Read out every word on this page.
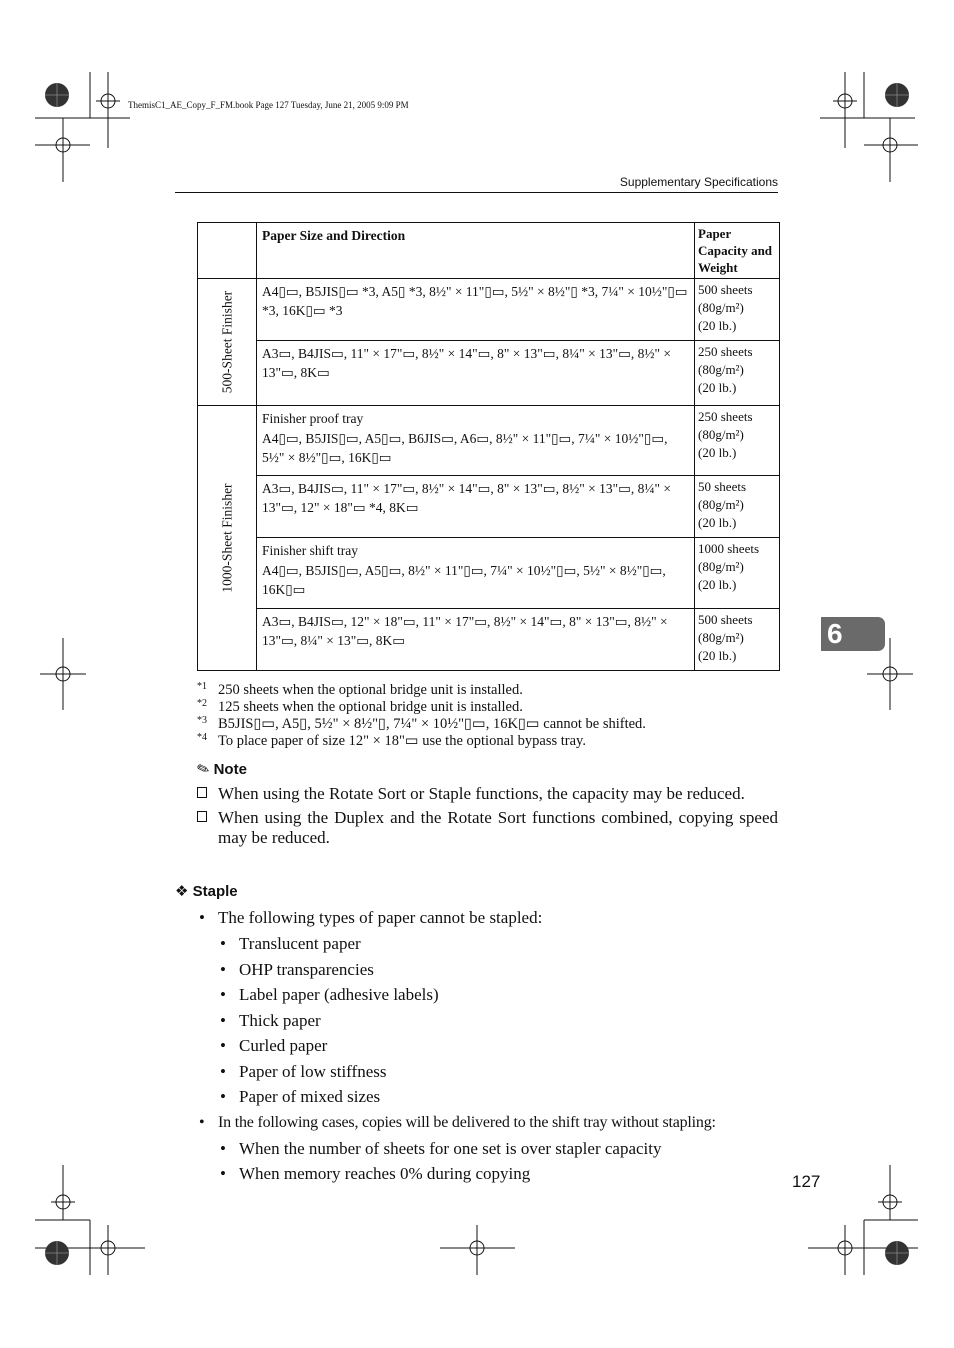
ThemisC1_AE_Copy_F_FM.book Page 127 Tuesday, June 21, 2005 9:09 PM
Supplementary Specifications
6
	Paper Size and Direction	Paper Capacity and Weight

500-Sheet Finisher	A4▯▭, B5JIS▯▭ *3, A5▯ *3, 8½" × 11"▯▭, 5½" × 8½"▯ *3, 7¼" × 10½"▯▭ *3, 16K▯▭ *3	500 sheets
(80g/m²)
(20 lb.)

	A3▭, B4JIS▭, 11" × 17"▭, 8½" × 14"▭, 8" × 13"▭, 8¼" × 13"▭, 8½" × 13"▭, 8K▭	250 sheets
(80g/m²)
(20 lb.)

1000-Sheet Finisher	Finisher proof tray
A4▯▭, B5JIS▯▭, A5▯▭, B6JIS▭, A6▭, 8½" × 11"▯▭, 7¼" × 10½"▯▭, 5½" × 8½"▯▭, 16K▯▭	250 sheets
(80g/m²)
(20 lb.)

	A3▭, B4JIS▭, 11" × 17"▭, 8½" × 14"▭, 8" × 13"▭, 8½" × 13"▭, 8¼" × 13"▭, 12" × 18"▭ *4, 8K▭	50 sheets
(80g/m²)
(20 lb.)

	Finisher shift tray
A4▯▭, B5JIS▯▭, A5▯▭, 8½" × 11"▯▭, 7¼" × 10½"▯▭, 5½" × 8½"▯▭, 16K▯▭	1000 sheets
(80g/m²)
(20 lb.)

	A3▭, B4JIS▭, 12" × 18"▭, 11" × 17"▭, 8½" × 14"▭, 8" × 13"▭, 8½" × 13"▭, 8¼" × 13"▭, 8K▭	500 sheets
(80g/m²)
(20 lb.)
*1 250 sheets when the optional bridge unit is installed.
*2 125 sheets when the optional bridge unit is installed.
*3 B5JIS▯▭, A5▯, 5½" × 8½"▯, 7¼" × 10½"▯▭, 16K▯▭ cannot be shifted.
*4 To place paper of size 12" × 18"▭ use the optional bypass tray.
✎Note
When using the Rotate Sort or Staple functions, the capacity may be reduced.
When using the Duplex and the Rotate Sort functions combined, copying speed may be reduced.
❖ Staple
• The following types of paper cannot be stapled:
• Translucent paper
• OHP transparencies
• Label paper (adhesive labels)
• Thick paper
• Curled paper
• Paper of low stiffness
• Paper of mixed sizes
• In the following cases, copies will be delivered to the shift tray without stapling:
• When the number of sheets for one set is over stapler capacity
• When memory reaches 0% during copying	127
